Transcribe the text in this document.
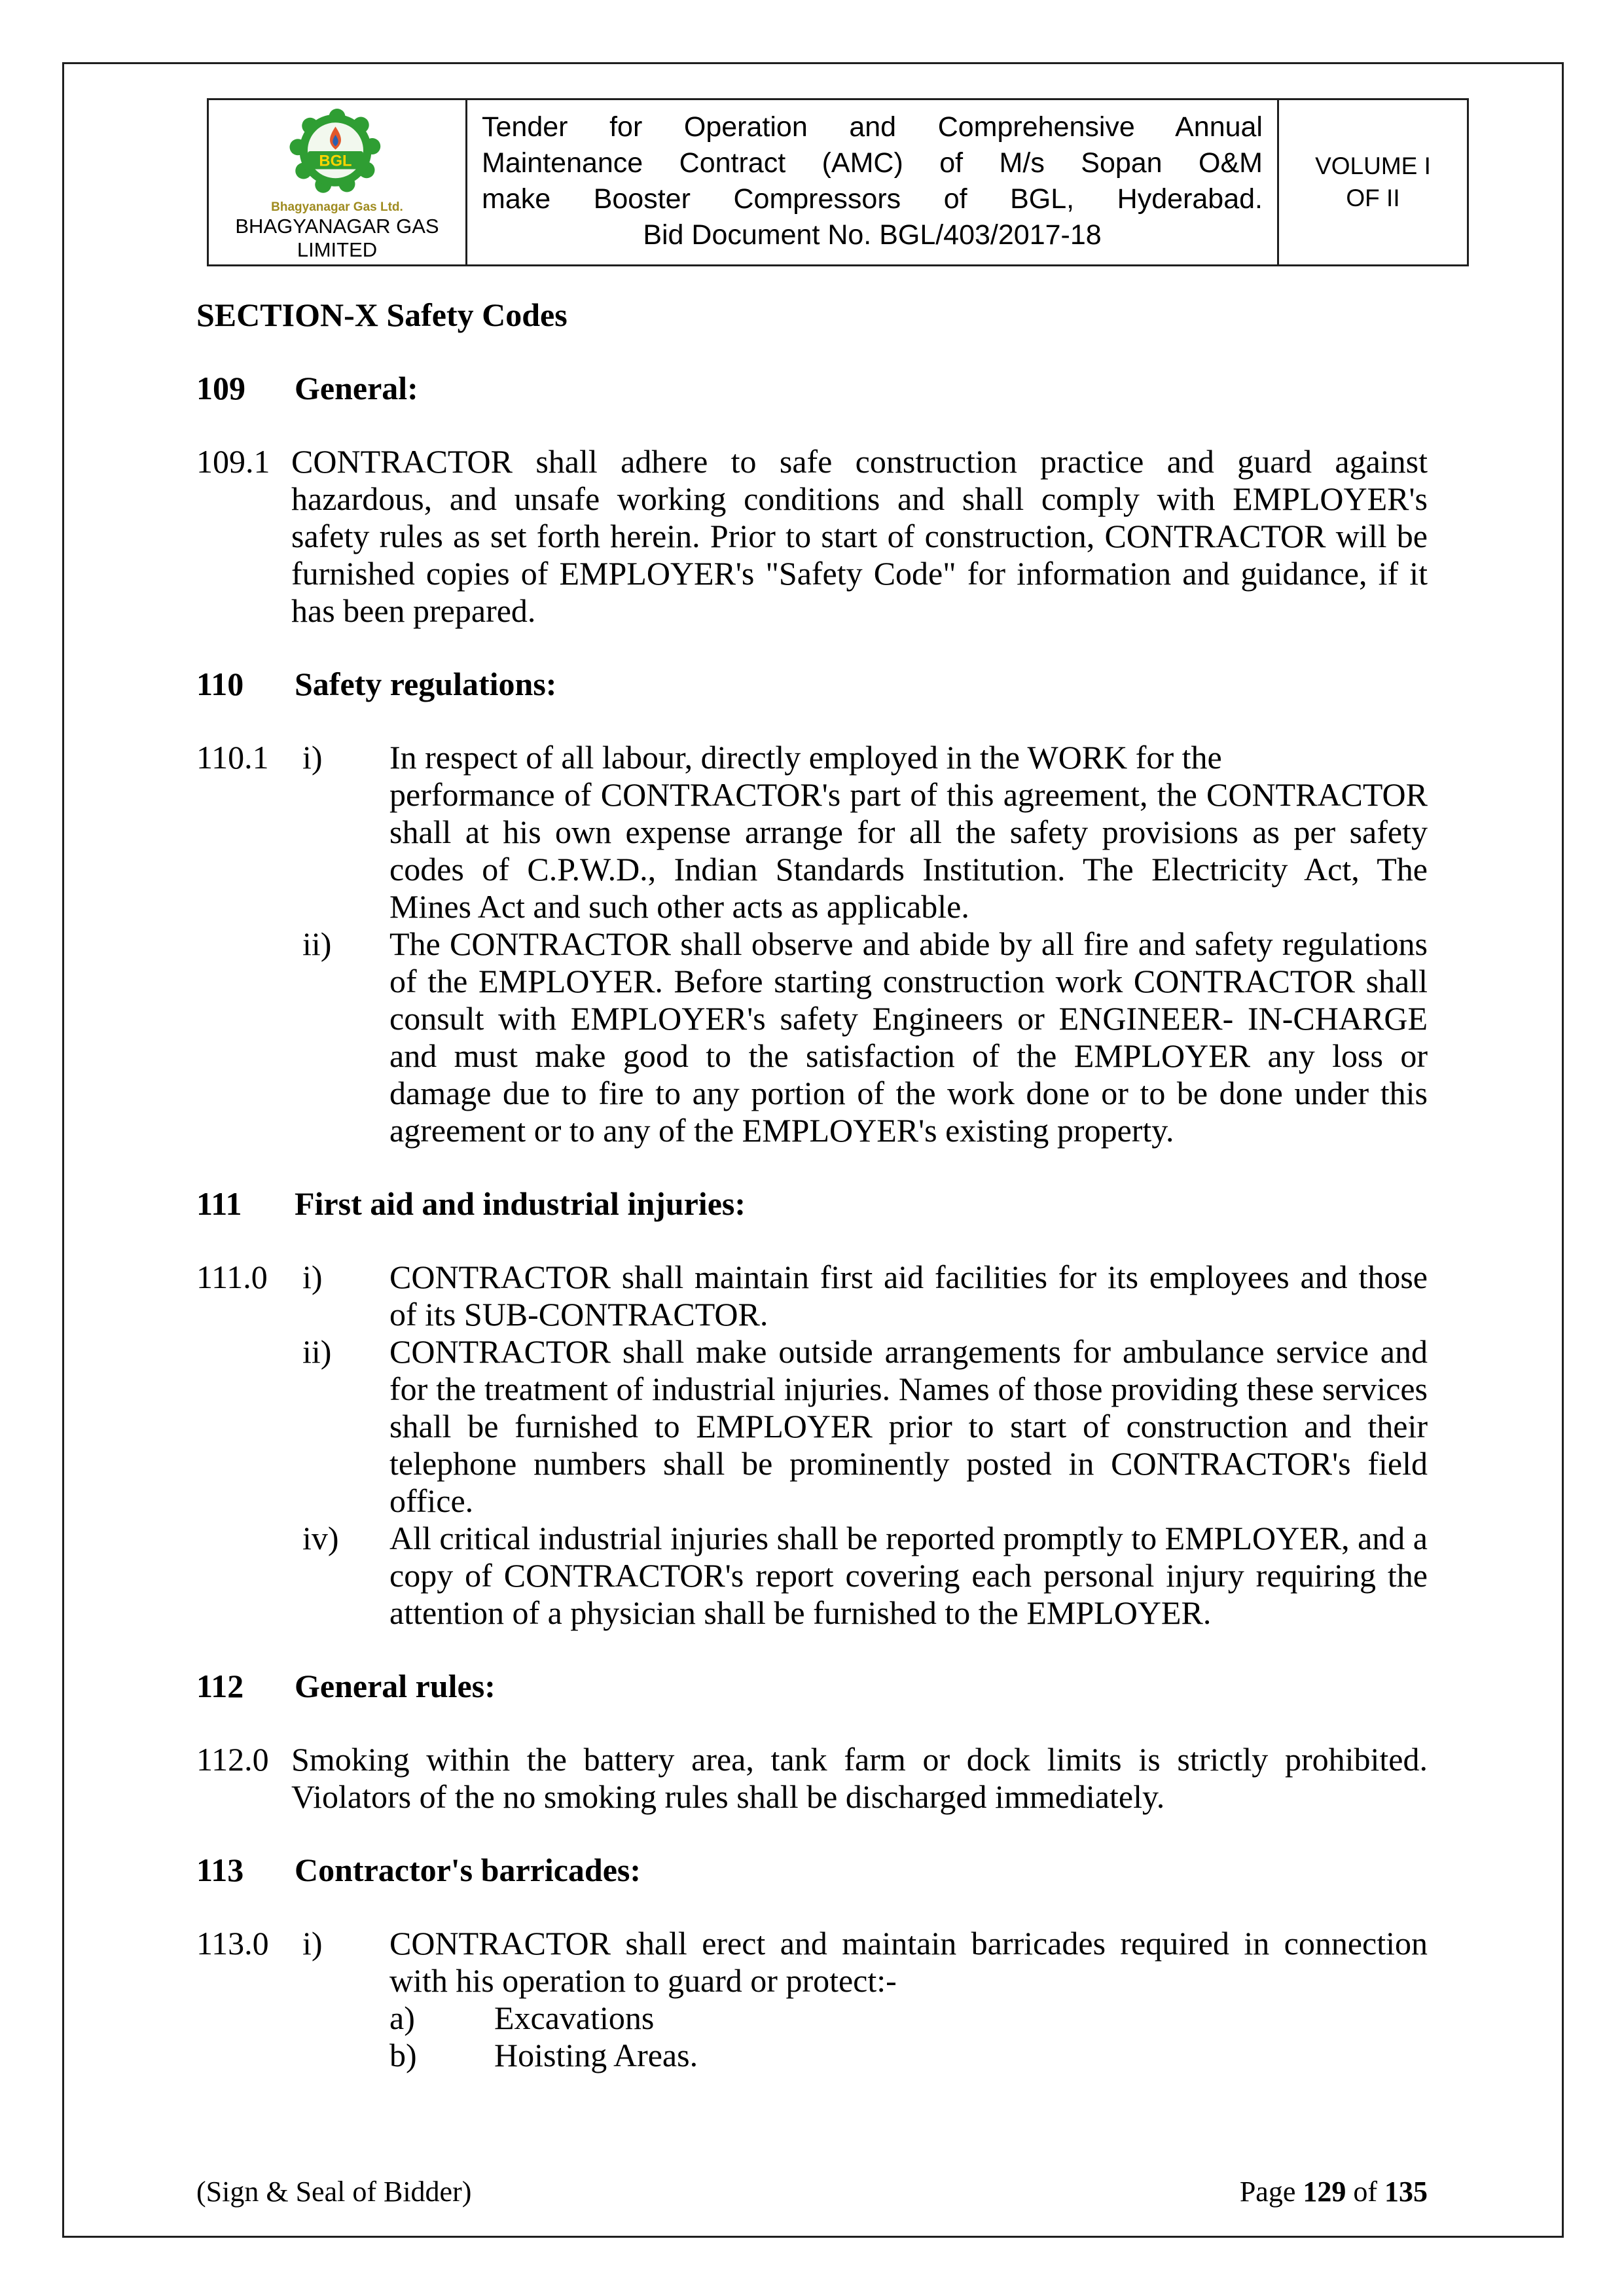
BGL
Bhagyanagar Gas Ltd.
BHAGYANAGAR GAS
LIMITED

Tender for Operation and Comprehensive Annual
Maintenance Contract (AMC) of M/s Sopan O&M
make Booster Compressors of BGL, Hyderabad.
Bid Document No. BGL/403/2017-18

VOLUME I
OF II
SECTION-X Safety Codes
109 General:
109.1 CONTRACTOR shall adhere to safe construction practice and guard against hazardous, and unsafe working conditions and shall comply with EMPLOYER's safety rules as set forth herein. Prior to start of construction, CONTRACTOR will be furnished copies of EMPLOYER's "Safety Code" for information and guidance, if it has been prepared.
110 Safety regulations:
110.1 i) In respect of all labour, directly employed in the WORK for the
performance of CONTRACTOR's part of this agreement, the CONTRACTOR shall at his own expense arrange for all the safety provisions as per safety codes of C.P.W.D., Indian Standards Institution. The Electricity Act, The Mines Act and such other acts as applicable.
ii) The CONTRACTOR shall observe and abide by all fire and safety regulations of the EMPLOYER. Before starting construction work CONTRACTOR shall consult with EMPLOYER's safety Engineers or ENGINEER- IN-CHARGE and must make good to the satisfaction of the EMPLOYER any loss or damage due to fire to any portion of the work done or to be done under this agreement or to any of the EMPLOYER's existing property.
111 First aid and industrial injuries:
111.0 i) CONTRACTOR shall maintain first aid facilities for its employees and those of its SUB-CONTRACTOR.
ii) CONTRACTOR shall make outside arrangements for ambulance service and for the treatment of industrial injuries. Names of those providing these services shall be furnished to EMPLOYER prior to start of construction and their telephone numbers shall be prominently posted in CONTRACTOR's field office.
iv) All critical industrial injuries shall be reported promptly to EMPLOYER, and a copy of CONTRACTOR's report covering each personal injury requiring the attention of a physician shall be furnished to the EMPLOYER.
112 General rules:
112.0 Smoking within the battery area, tank farm or dock limits is strictly prohibited. Violators of the no smoking rules shall be discharged immediately.
113 Contractor's barricades:
113.0 i) CONTRACTOR shall erect and maintain barricades required in connection with his operation to guard or protect:-
a) Excavations
b) Hoisting Areas.
(Sign & Seal of Bidder)	Page 129 of 135
